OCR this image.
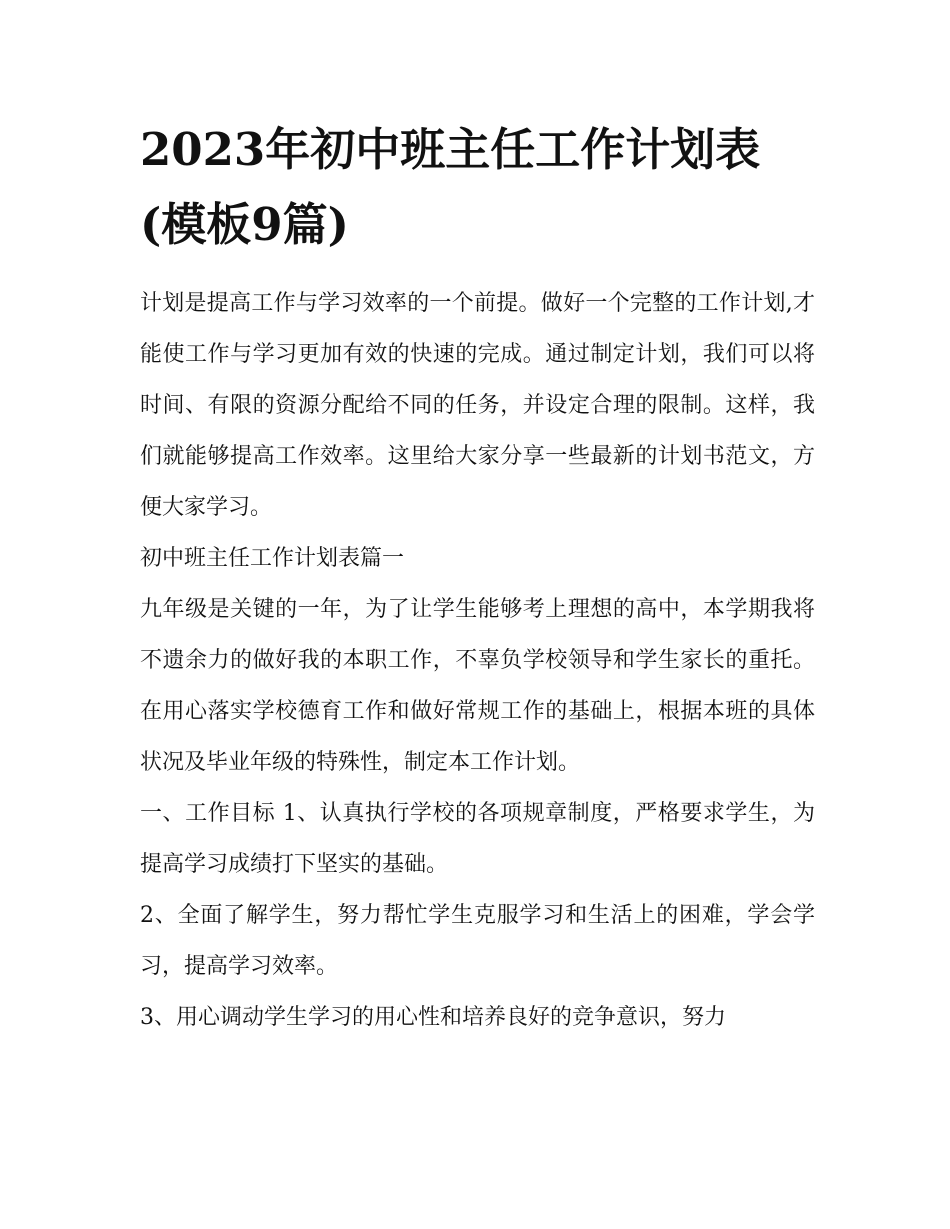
2023年初中班主任工作计划表(模板9篇)

计划是提高工作与学习效率的一个前提。做好一个完整的工作计划,才能使工作与学习更加有效的快速的完成。通过制定计划，我们可以将时间、有限的资源分配给不同的任务，并设定合理的限制。这样，我们就能够提高工作效率。这里给大家分享一些最新的计划书范文，方便大家学习。

初中班主任工作计划表篇一

九年级是关键的一年，为了让学生能够考上理想的高中，本学期我将不遗余力的做好我的本职工作，不辜负学校领导和学生家长的重托。在用心落实学校德育工作和做好常规工作的基础上，根据本班的具体状况及毕业年级的特殊性，制定本工作计划。

一、工作目标 1、认真执行学校的各项规章制度，严格要求学生，为提高学习成绩打下坚实的基础。

2、全面了解学生，努力帮忙学生克服学习和生活上的困难，学会学习，提高学习效率。

3、用心调动学生学习的用心性和培养良好的竞争意识，努力
